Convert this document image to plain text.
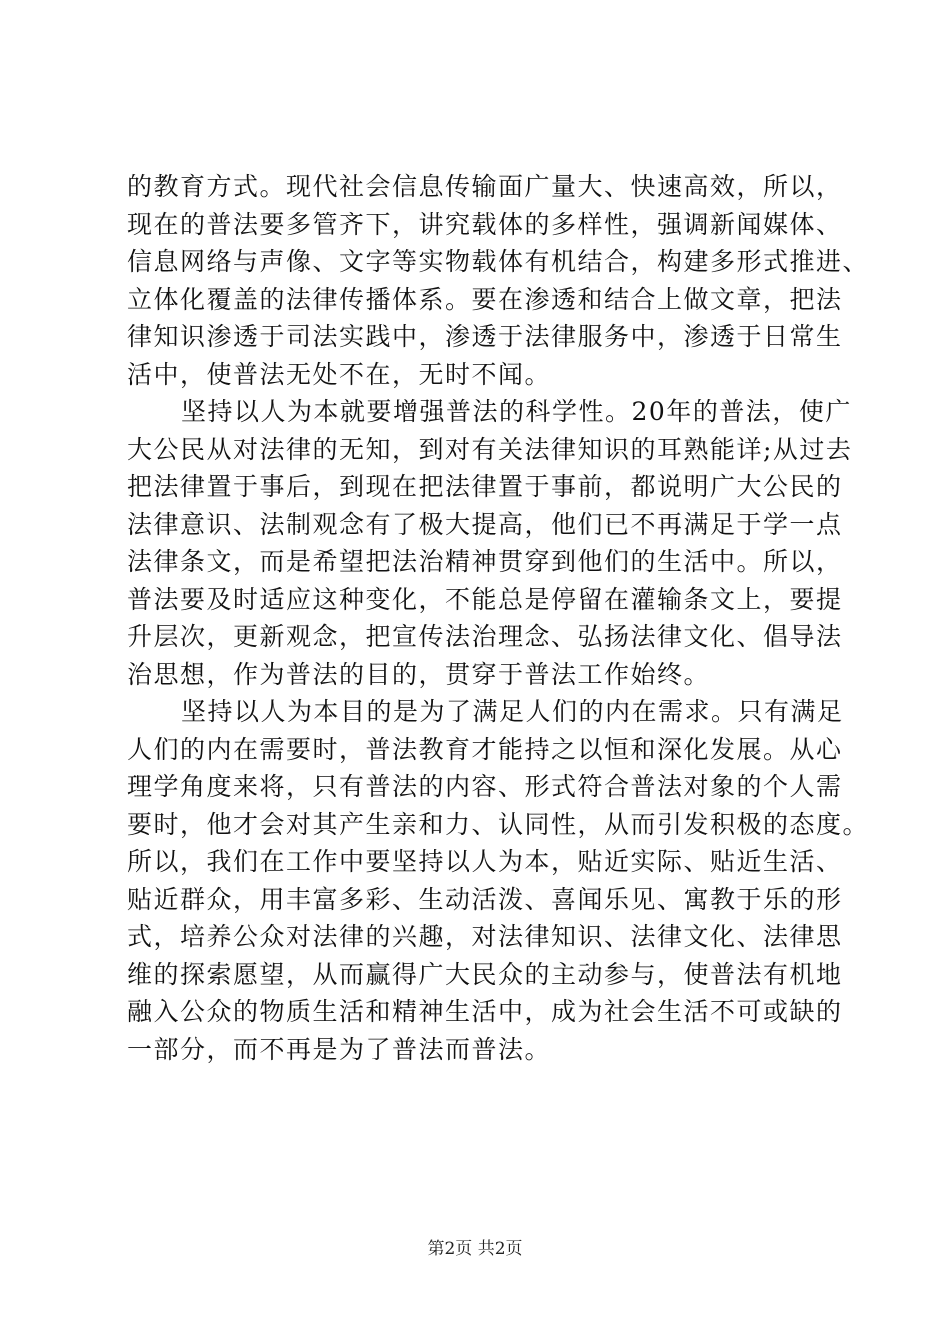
的教育方式。现代社会信息传输面广量大、快速高效，所以，
现在的普法要多管齐下，讲究载体的多样性，强调新闻媒体、
信息网络与声像、文字等实物载体有机结合，构建多形式推进、
立体化覆盖的法律传播体系。要在渗透和结合上做文章，把法
律知识渗透于司法实践中，渗透于法律服务中，渗透于日常生
活中，使普法无处不在，无时不闻。
坚持以人为本就要增强普法的科学性。20年的普法，使广
大公民从对法律的无知，到对有关法律知识的耳熟能详;从过去
把法律置于事后，到现在把法律置于事前，都说明广大公民的
法律意识、法制观念有了极大提高，他们已不再满足于学一点
法律条文，而是希望把法治精神贯穿到他们的生活中。所以，
普法要及时适应这种变化，不能总是停留在灌输条文上，要提
升层次，更新观念，把宣传法治理念、弘扬法律文化、倡导法
治思想，作为普法的目的，贯穿于普法工作始终。
坚持以人为本目的是为了满足人们的内在需求。只有满足
人们的内在需要时，普法教育才能持之以恒和深化发展。从心
理学角度来将，只有普法的内容、形式符合普法对象的个人需
要时，他才会对其产生亲和力、认同性，从而引发积极的态度。
所以，我们在工作中要坚持以人为本，贴近实际、贴近生活、
贴近群众，用丰富多彩、生动活泼、喜闻乐见、寓教于乐的形
式，培养公众对法律的兴趣，对法律知识、法律文化、法律思
维的探索愿望，从而赢得广大民众的主动参与，使普法有机地
融入公众的物质生活和精神生活中，成为社会生活不可或缺的
一部分，而不再是为了普法而普法。
第2页 共2页
